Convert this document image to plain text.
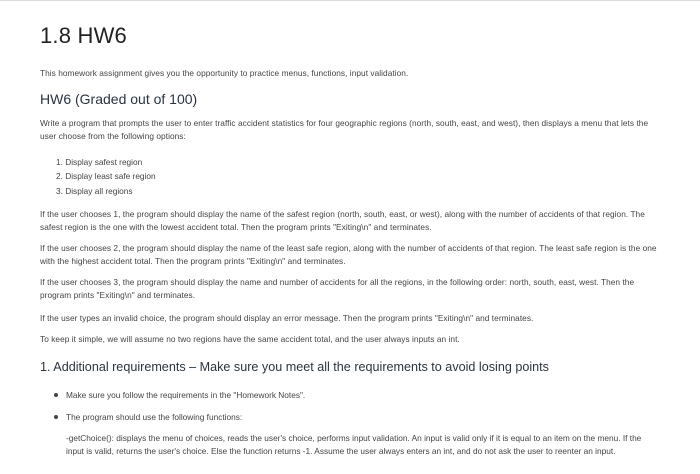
1.8 HW6

This homework assignment gives you the opportunity to practice menus, functions, input validation.

HW6 (Graded out of 100)

Write a program that prompts the user to enter traffic accident statistics for four geographic regions (north, south, east, and west), then displays a menu that lets the user choose from the following options:

1. Display safest region
2. Display least safe region
3. Display all regions

If the user chooses 1, the program should display the name of the safest region (north, south, east, or west), along with the number of accidents of that region. The safest region is the one with the lowest accident total. Then the program prints "Exiting\n" and terminates.

If the user chooses 2, the program should display the name of the least safe region, along with the number of accidents of that region. The least safe region is the one with the highest accident total. Then the program prints "Exiting\n" and terminates.

If the user chooses 3, the program should display the name and number of accidents for all the regions, in the following order: north, south, east, west. Then the program prints "Exiting\n" and terminates.

If the user types an invalid choice, the program should display an error message. Then the program prints "Exiting\n" and terminates.

To keep it simple, we will assume no two regions have the same accident total, and the user always inputs an int.

1. Additional requirements – Make sure you meet all the requirements to avoid losing points
Make sure you follow the requirements in the "Homework Notes".
The program should use the following functions:
-getChoice(): displays the menu of choices, reads the user's choice, performs input validation. An input is valid only if it is equal to an item on the menu. If the input is valid, returns the user's choice. Else the function returns -1. Assume the user always enters an int, and do not ask the user to reenter an input.
